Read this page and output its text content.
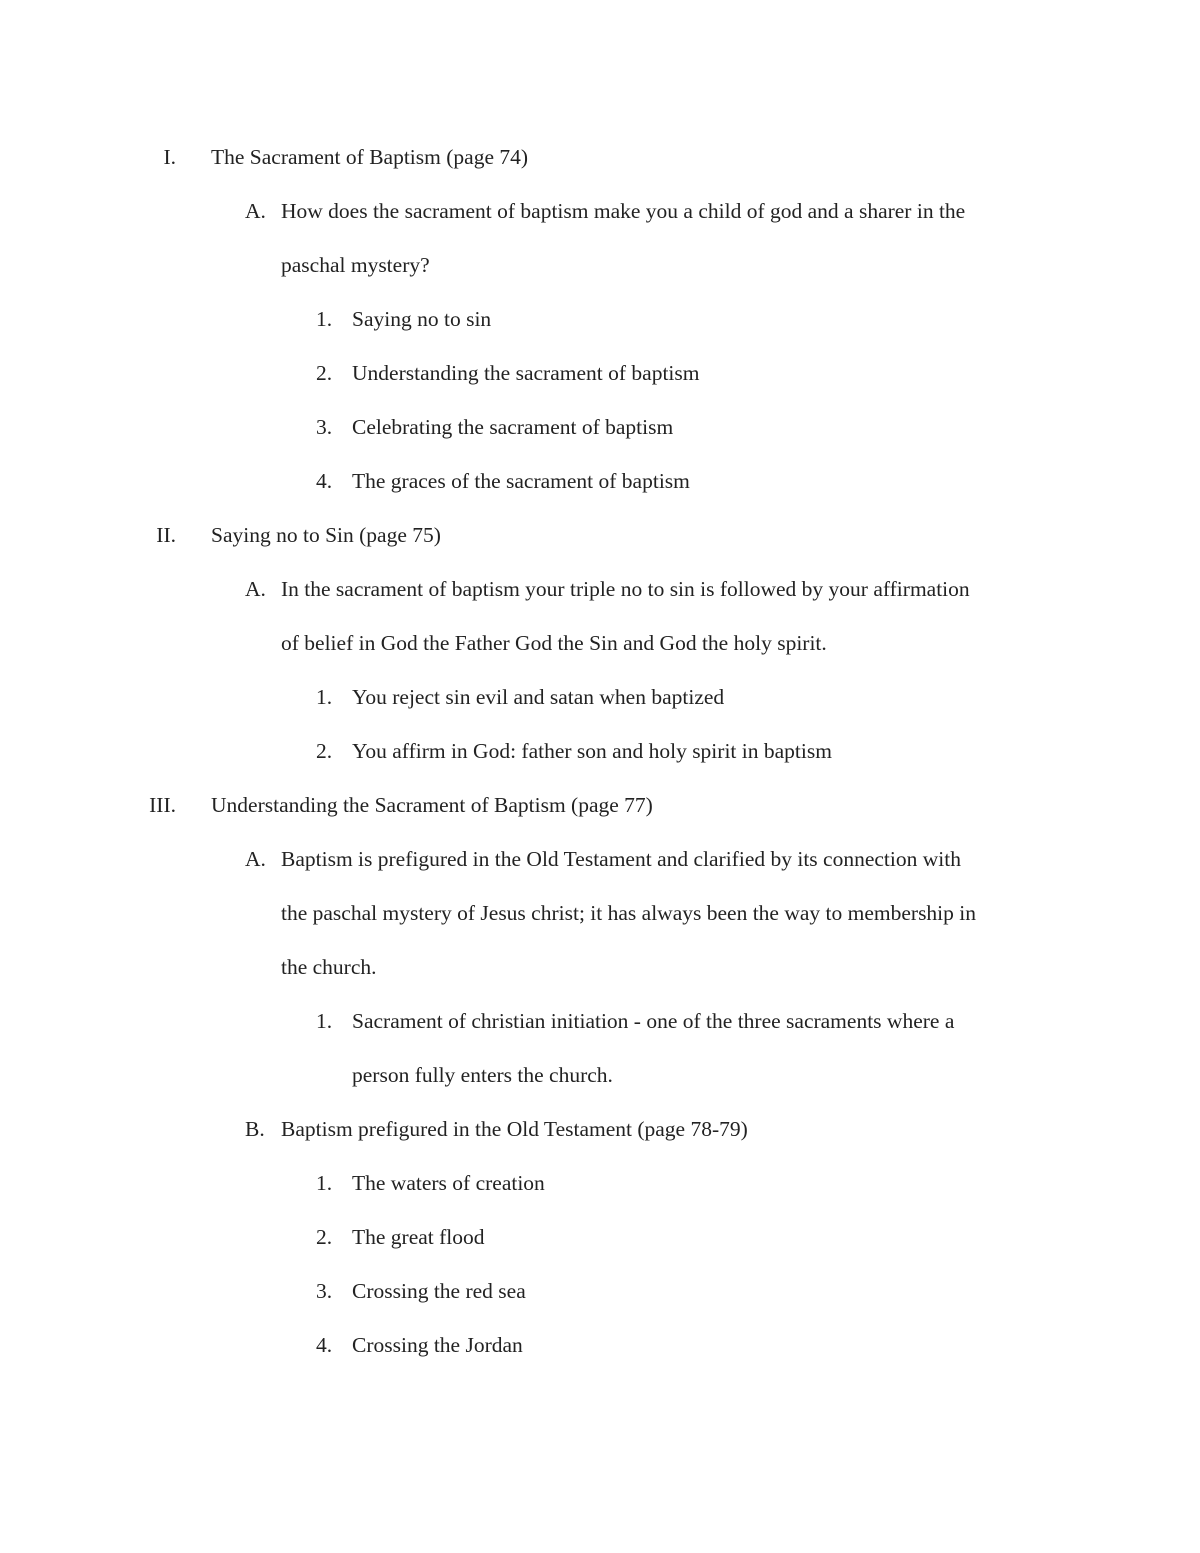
I. The Sacrament of Baptism (page 74)
A. How does the sacrament of baptism make you a child of god and a sharer in the
paschal mystery?
1. Saying no to sin
2. Understanding the sacrament of baptism
3. Celebrating the sacrament of baptism
4. The graces of the sacrament of baptism
II. Saying no to Sin (page 75)
A. In the sacrament of baptism your triple no to sin is followed by your affirmation
of belief in God the Father God the Sin and God the holy spirit.
1. You reject sin evil and satan when baptized
2. You affirm in God: father son and holy spirit in baptism
III. Understanding the Sacrament of Baptism (page 77)
A. Baptism is prefigured in the Old Testament and clarified by its connection with
the paschal mystery of Jesus christ; it has always been the way to membership in
the church.
1. Sacrament of christian initiation - one of the three sacraments where a
person fully enters the church.
B. Baptism prefigured in the Old Testament (page 78-79)
1. The waters of creation
2. The great flood
3. Crossing the red sea
4. Crossing the Jordan
